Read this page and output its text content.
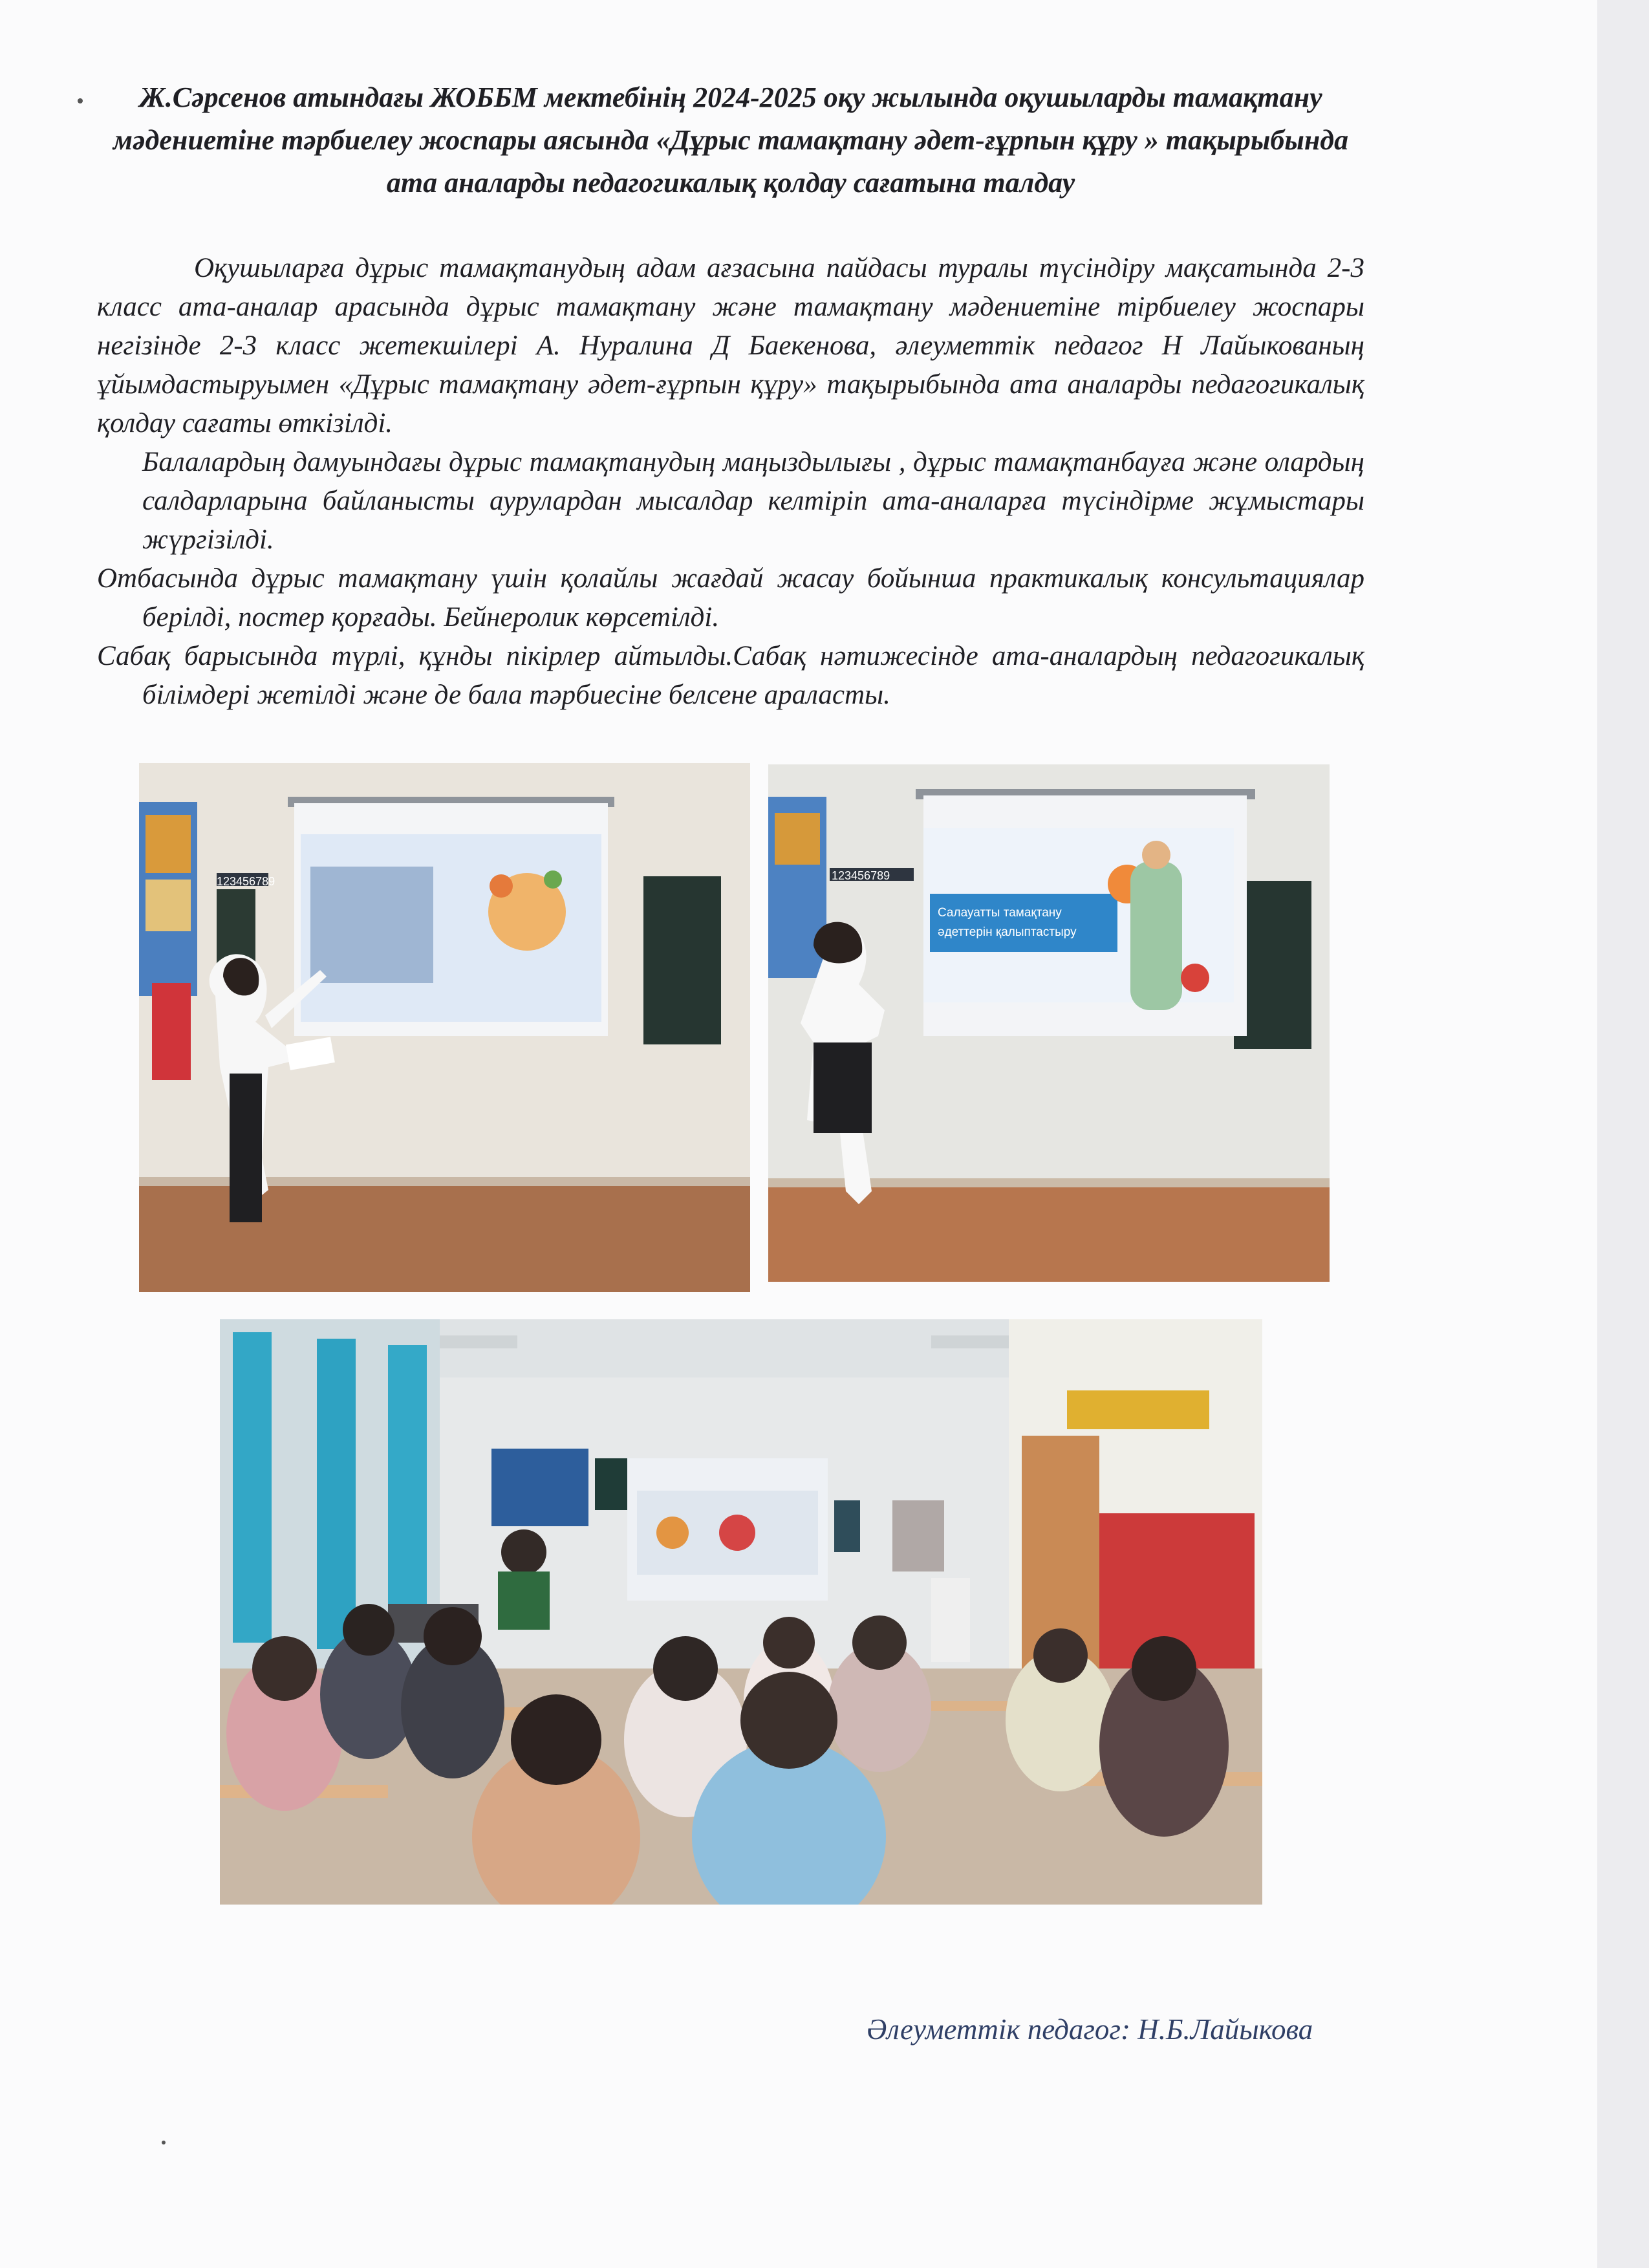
Ж.Сәрсенов атындағы ЖОББМ мектебінің 2024-2025 оқу жылында оқушыларды тамақтану мәдениетіне тәрбиелеу жоспары аясында «Дұрыс тамақтану әдет-ғұрпын құру » тақырыбында ата аналарды педагогикалық қолдау сағатына талдау

Оқушыларға дұрыс тамақтанудың адам ағзасына пайдасы туралы түсіндіру мақсатында 2-3 класс ата-аналар арасында дұрыс тамақтану және тамақтану мәдениетіне тірбиелеу жоспары негізінде 2-3 класс жетекшілері А. Нуралина Д Баекенова, әлеуметтік педагог Н Лайыкованың ұйымдастыруымен «Дұрыс тамақтану әдет-ғұрпын құру» тақырыбында ата аналарды педагогикалық қолдау сағаты өткізілді.

Балалардың дамуындағы дұрыс тамақтанудың маңыздылығы , дұрыс тамақтанбауға және олардың салдарларына байланысты аурулардан мысалдар келтіріп ата-аналарға түсіндірме жұмыстары жүргізілді.

Отбасында дұрыс тамақтану үшін қолайлы жағдай жасау бойынша практикалық консультациялар берілді, постер қорғады. Бейнеролик көрсетілді.

Сабақ барысында түрлі, құнды пікірлер айтылды.Сабақ нәтижесінде ата-аналардың педагогикалық білімдері жетілді және де бала тәрбиесіне белсене араласты.

123456789	123456789
Салауатты тамақтану
әдеттерін қалыптастыру
Әлеуметтік педагог: Н.Б.Лайыкова
